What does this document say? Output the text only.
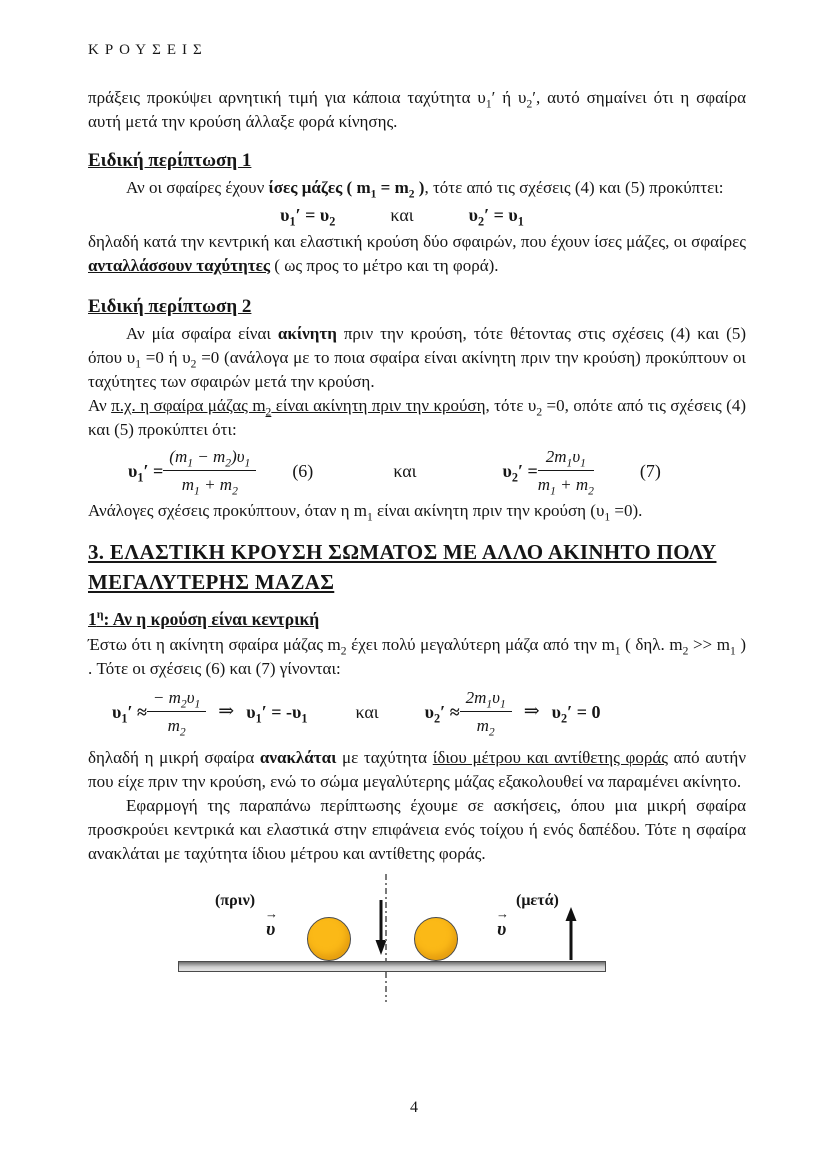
ΚΡΟΥΣΕΙΣ

πράξεις προκύψει αρνητική τιμή για κάποια ταχύτητα $\upsilon_1'$ ή $\upsilon_2'$, αυτό σημαίνει ότι η σφαίρα αυτή μετά την κρούση άλλαξε φορά κίνησης.

Ειδική περίπτωση 1

Αν οι σφαίρες έχουν ίσες μάζες ( $m_1 = m_2$ ), τότε από τις σχέσεις (4) και (5) προκύπτει:

$\upsilon_1' = \upsilon_2$	και	$\upsilon_2' = \upsilon_1$

δηλαδή κατά την κεντρική και ελαστική κρούση δύο σφαιρών, που έχουν ίσες μάζες, οι σφαίρες ανταλλάσσουν ταχύτητες ( ως προς το μέτρο και τη φορά).

Ειδική περίπτωση 2

Αν μία σφαίρα είναι ακίνητη πριν την κρούση, τότε θέτοντας στις σχέσεις (4) και (5) όπου $\upsilon_1 =0$ ή $\upsilon_2 =0$ (ανάλογα με το ποια σφαίρα είναι ακίνητη πριν την κρούση) προκύπτουν οι ταχύτητες των σφαιρών μετά την κρούση.

Αν π.χ. η σφαίρα μάζας $m_2$ είναι ακίνητη πριν την κρούση, τότε $\upsilon_2 =0$, οπότε από τις σχέσεις (4) και (5) προκύπτει ότι:

$\upsilon_1' = \frac{(m_1 - m_2)\upsilon_1}{m_1 + m_2} (6)$	και	$\upsilon_2' = \frac{2m_1\upsilon_1}{m_1 + m_2}$	(7)

Ανάλογες σχέσεις προκύπτουν, όταν η $m_1$ είναι ακίνητη πριν την κρούση $(\upsilon_1 =0)$.

3. ΕΛΑΣΤΙΚΗ ΚΡΟΥΣΗ ΣΩΜΑΤΟΣ ΜΕ ΑΛΛΟ ΑΚΙΝΗΤΟ ΠΟΛΥ ΜΕΓΑΛΥΤΕΡΗΣ ΜΑΖΑΣ
$1^\eta$: Αν η κρούση είναι κεντρική

Έστω ότι η ακίνητη σφαίρα μάζας $m_2$ έχει πολύ μεγαλύτερη μάζα από την $m_1$ ( δηλ. $m_2 >> m_1$ ) . Τότε οι σχέσεις (6) και (7) γίνονται:

$\upsilon_1' \approx \frac{- m_2\upsilon_1}{m_2}$ ⇒ $\upsilon_1' = -\upsilon_1$	και	$\upsilon_2' \approx \frac{2m_1\upsilon_1}{m_2}$ ⇒ $\upsilon_2' = 0$

δηλαδή η μικρή σφαίρα ανακλάται με ταχύτητα ίδιου μέτρου και αντίθετης φοράς από αυτήν που είχε πριν την κρούση, ενώ το σώμα μεγαλύτερης μάζας εξακολουθεί να παραμένει ακίνητο.

Εφαρμογή της παραπάνω περίπτωσης έχουμε σε ασκήσεις, όπου μια μικρή σφαίρα προσκρούει κεντρικά και ελαστικά στην επιφάνεια ενός τοίχου ή ενός δαπέδου. Τότε η σφαίρα ανακλάται με ταχύτητα ίδιου μέτρου και αντίθετης φοράς.

(πριν)
→
υ
→
υ
(μετά)
4
